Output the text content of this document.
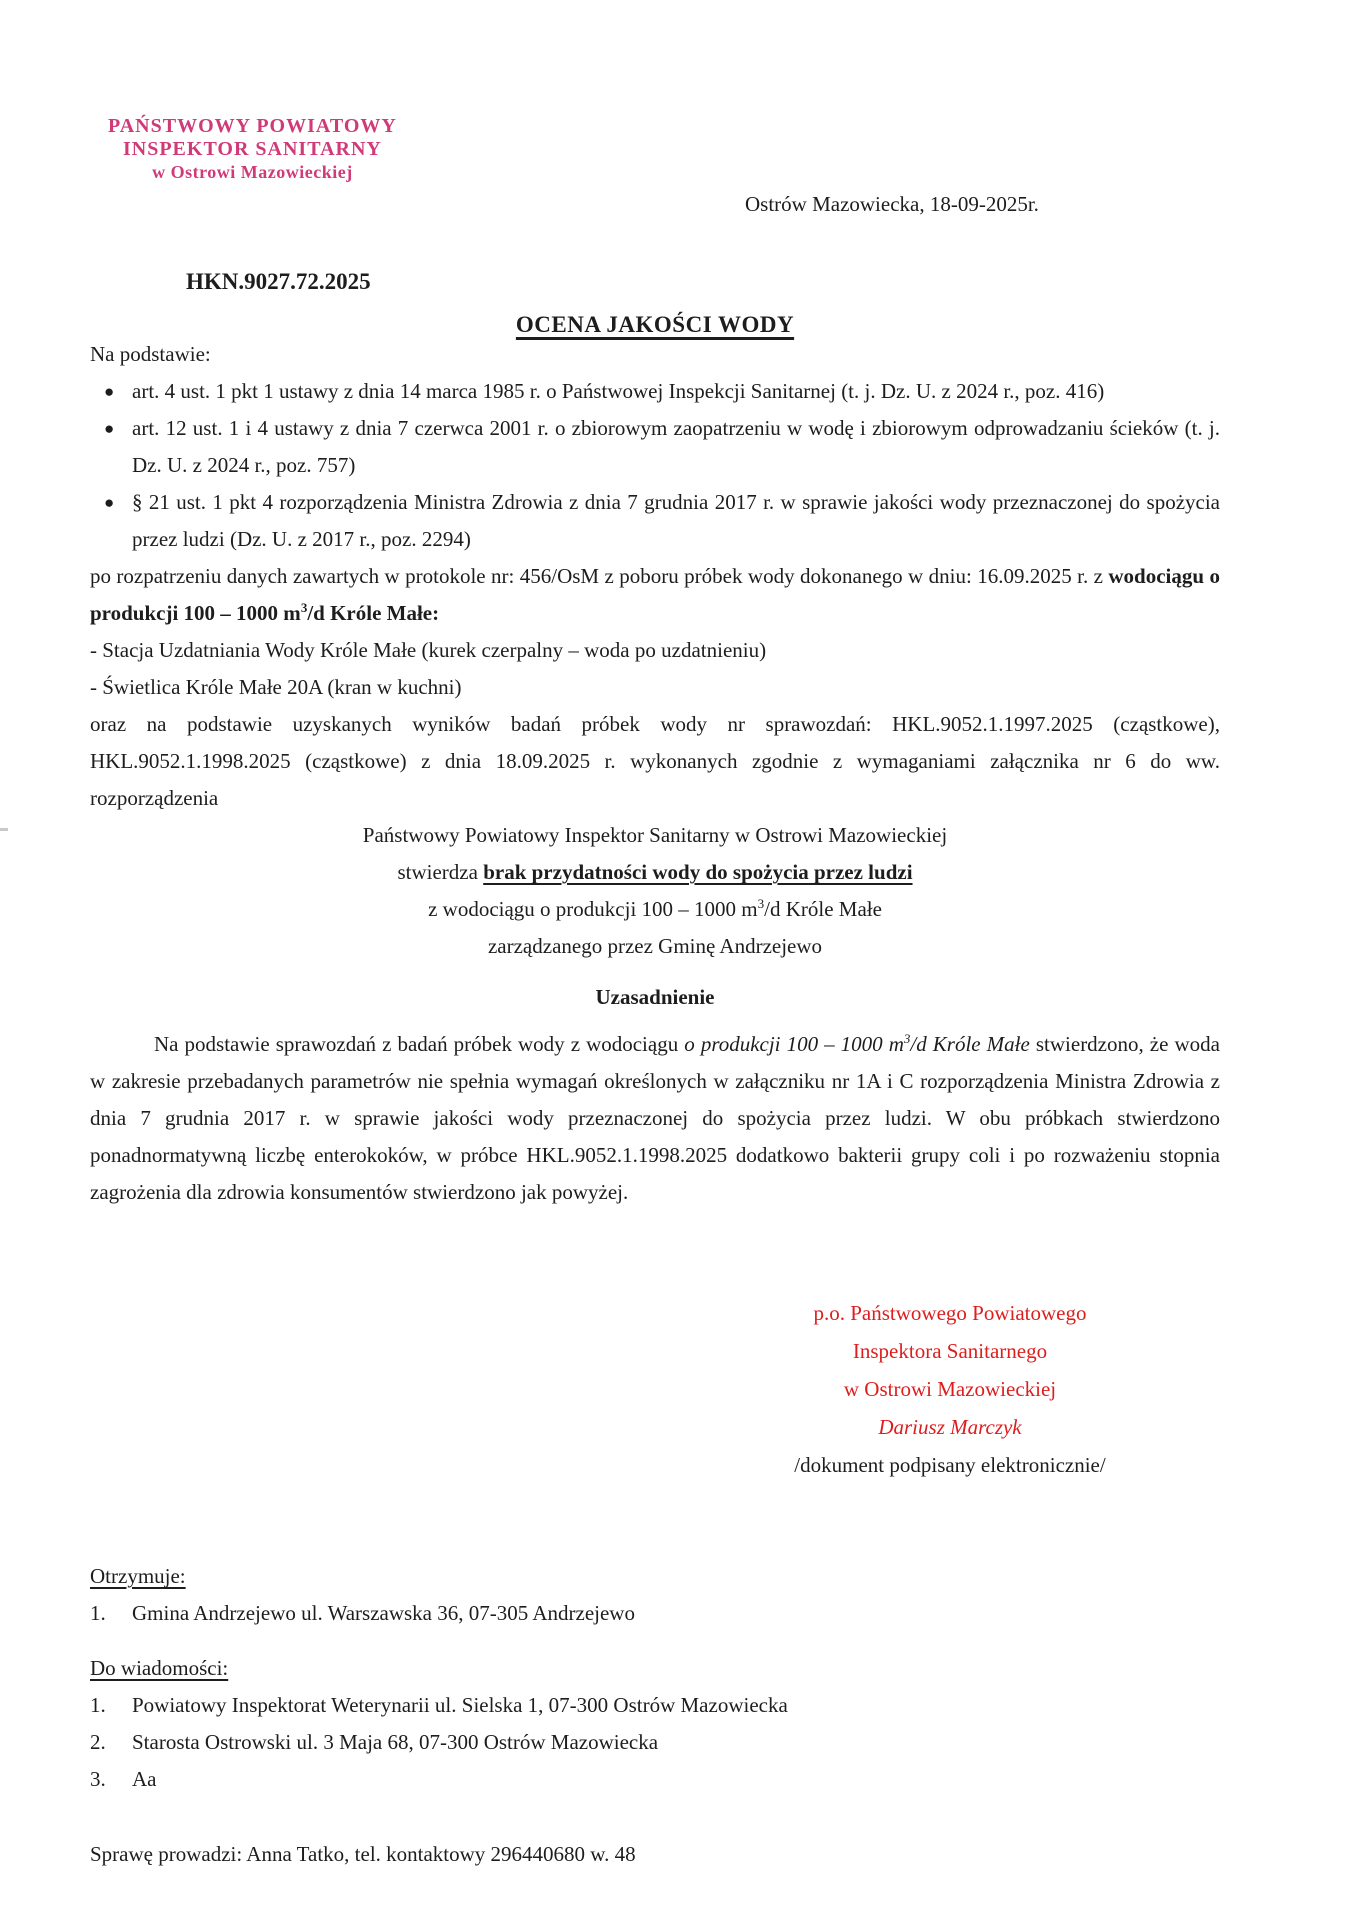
PAŃSTWOWY POWIATOWY
INSPEKTOR SANITARNY
w Ostrowi Mazowieckiej
Ostrów Mazowiecka, 18-09-2025r.
HKN.9027.72.2025
OCENA JAKOŚCI WODY
Na podstawie:
● art. 4 ust. 1 pkt 1 ustawy z dnia 14 marca 1985 r. o Państwowej Inspekcji Sanitarnej (t. j. Dz. U. z 2024 r., poz. 416)
● art. 12 ust. 1 i 4 ustawy z dnia 7 czerwca 2001 r. o zbiorowym zaopatrzeniu w wodę i zbiorowym odprowadzaniu ścieków (t. j. Dz. U. z 2024 r., poz. 757)
● § 21 ust. 1 pkt 4 rozporządzenia Ministra Zdrowia z dnia 7 grudnia 2017 r. w sprawie jakości wody przeznaczonej do spożycia przez ludzi (Dz. U. z 2017 r., poz. 2294)
po rozpatrzeniu danych zawartych w protokole nr: 456/OsM z poboru próbek wody dokonanego w dniu: 16.09.2025 r. z wodociągu o produkcji 100 – 1000 $m^3/d$ Króle Małe:
- Stacja Uzdatniania Wody Króle Małe (kurek czerpalny – woda po uzdatnieniu)
- Świetlica Króle Małe 20A (kran w kuchni)
oraz na podstawie uzyskanych wyników badań próbek wody nr sprawozdań: HKL.9052.1.1997.2025 (cząstkowe), HKL.9052.1.1998.2025 (cząstkowe) z dnia 18.09.2025 r. wykonanych zgodnie z wymaganiami załącznika nr 6 do ww. rozporządzenia
Państwowy Powiatowy Inspektor Sanitarny w Ostrowi Mazowieckiej
stwierdza brak przydatności wody do spożycia przez ludzi
z wodociągu o produkcji 100 – 1000 $m^3/d$ Króle Małe
zarządzanego przez Gminę Andrzejewo
Uzasadnienie
Na podstawie sprawozdań z badań próbek wody z wodociągu o produkcji 100 – 1000 $m^3/d$ Króle Małe stwierdzono, że woda w zakresie przebadanych parametrów nie spełnia wymagań określonych w załączniku nr 1A i C rozporządzenia Ministra Zdrowia z dnia 7 grudnia 2017 r. w sprawie jakości wody przeznaczonej do spożycia przez ludzi. W obu próbkach stwierdzono ponadnormatywną liczbę enterokoków, w próbce HKL.9052.1.1998.2025 dodatkowo bakterii grupy coli i po rozważeniu stopnia zagrożenia dla zdrowia konsumentów stwierdzono jak powyżej.
p.o. Państwowego Powiatowego
Inspektora Sanitarnego
w Ostrowi Mazowieckiej
Dariusz Marczyk
/dokument podpisany elektronicznie/
Otrzymuje:
1.	Gmina Andrzejewo ul. Warszawska 36, 07-305 Andrzejewo
Do wiadomości:
1.	Powiatowy Inspektorat Weterynarii ul. Sielska 1, 07-300 Ostrów Mazowiecka
2.	Starosta Ostrowski ul. 3 Maja 68, 07-300 Ostrów Mazowiecka
3.	Aa
Sprawę prowadzi: Anna Tatko, tel. kontaktowy 296440680 w. 48
